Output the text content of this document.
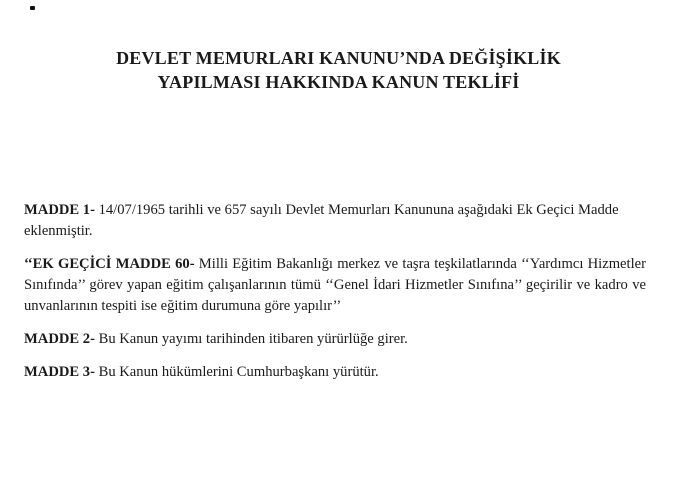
DEVLET MEMURLARI KANUNU’NDA DEĞİŞİKLİK
YAPILMASI HAKKINDA KANUN TEKLİFİ

MADDE 1- 14/07/1965 tarihli ve 657 sayılı Devlet Memurları Kanununa aşağıdaki Ek Geçici Madde eklenmiştir.

‘‘EK GEÇİCİ MADDE 60- Milli Eğitim Bakanlığı merkez ve taşra teşkilatlarında ‘‘Yardımcı Hizmetler Sınıfında’’ görev yapan eğitim çalışanlarının tümü ‘‘Genel İdari Hizmetler Sınıfına’’ geçirilir ve kadro ve unvanlarının tespiti ise eğitim durumuna göre yapılır’’

MADDE 2- Bu Kanun yayımı tarihinden itibaren yürürlüğe girer.

MADDE 3- Bu Kanun hükümlerini Cumhurbaşkanı yürütür.
